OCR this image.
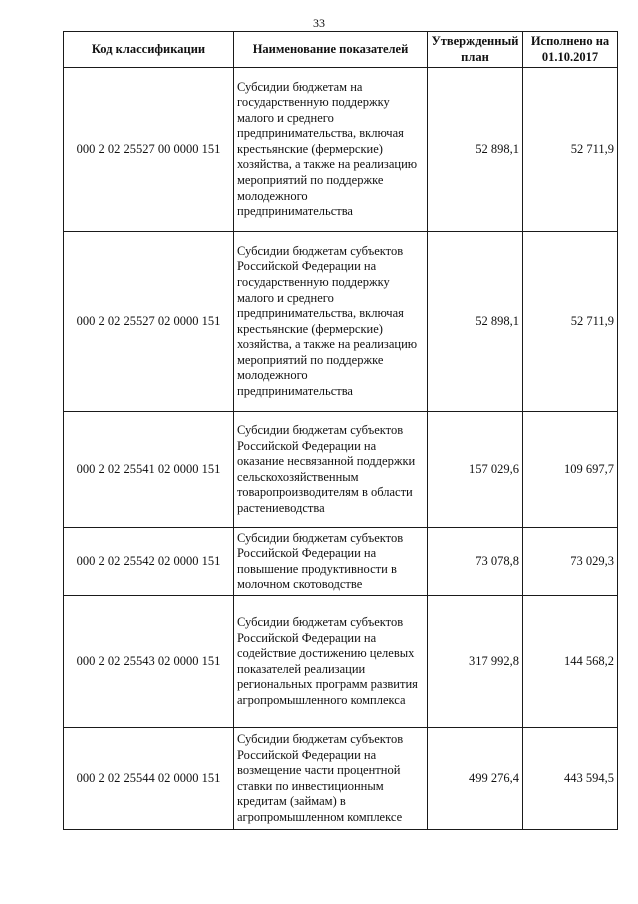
33
Код классификации	Наименование показателей	Утвержденный план	Исполнено на 01.10.2017
000 2 02 25527 00 0000 151	Субсидии бюджетам на государственную поддержку малого и среднего предпринимательства, включая крестьянские (фермерские) хозяйства, а также на реализацию мероприятий по поддержке молодежного предпринимательства	52 898,1	52 711,9
000 2 02 25527 02 0000 151	Субсидии бюджетам субъектов Российской Федерации на государственную поддержку малого и среднего предпринимательства, включая крестьянские (фермерские) хозяйства, а также на реализацию мероприятий по поддержке молодежного предпринимательства	52 898,1	52 711,9
000 2 02 25541 02 0000 151	Субсидии бюджетам субъектов Российской Федерации на оказание несвязанной поддержки сельскохозяйственным товаропроизводителям в области растениеводства	157 029,6	109 697,7
000 2 02 25542 02 0000 151	Субсидии бюджетам субъектов Российской Федерации на повышение продуктивности в молочном скотоводстве	73 078,8	73 029,3
000 2 02 25543 02 0000 151	Субсидии бюджетам субъектов Российской Федерации на содействие достижению целевых показателей реализации региональных программ развития агропромышленного комплекса	317 992,8	144 568,2
000 2 02 25544 02 0000 151	Субсидии бюджетам субъектов Российской Федерации на возмещение части процентной ставки по инвестиционным кредитам (займам) в агропромышленном комплексе	499 276,4	443 594,5
